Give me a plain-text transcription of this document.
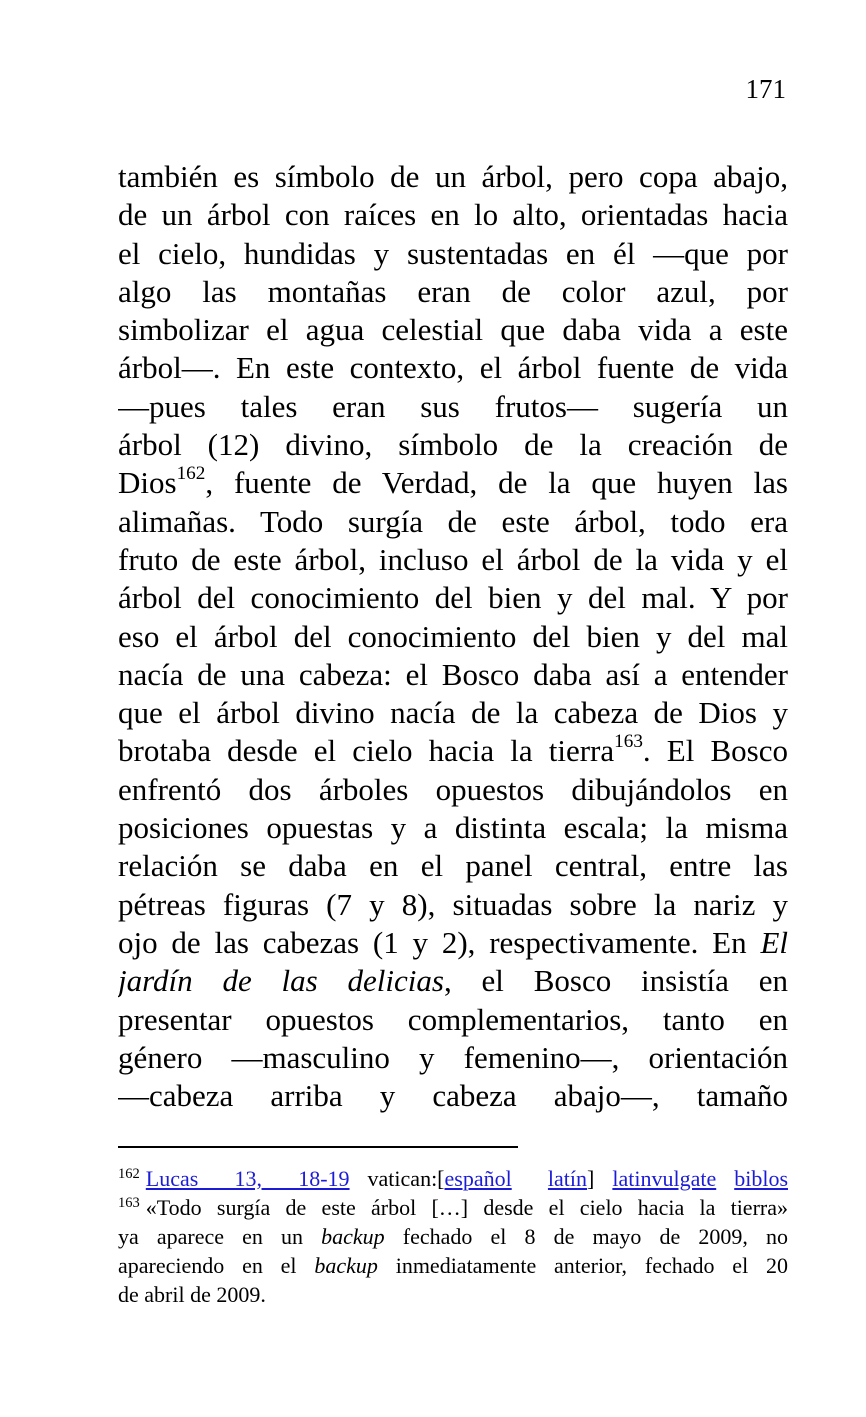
171
también es símbolo de un árbol, pero copa abajo,
de un árbol con raíces en lo alto, orientadas hacia
el cielo, hundidas y sustentadas en él —que por
algo las montañas eran de color azul, por
simbolizar el agua celestial que daba vida a este
árbol—. En este contexto, el árbol fuente de vida
—pues tales eran sus frutos— sugería un
árbol (12) divino, símbolo de la creación de
Dios$^{162}$, fuente de Verdad, de la que huyen las
alimañas. Todo surgía de este árbol, todo era
fruto de este árbol, incluso el árbol de la vida y el
árbol del conocimiento del bien y del mal. Y por
eso el árbol del conocimiento del bien y del mal
nacía de una cabeza: el Bosco daba así a entender
que el árbol divino nacía de la cabeza de Dios y
brotaba desde el cielo hacia la tierra$^{163}$. El Bosco
enfrentó dos árboles opuestos dibujándolos en
posiciones opuestas y a distinta escala; la misma
relación se daba en el panel central, entre las
pétreas figuras (7 y 8), situadas sobre la nariz y
ojo de las cabezas (1 y 2), respectivamente. En El
jardín de las delicias, el Bosco insistía en
presentar opuestos complementarios, tanto en
género —masculino y femenino—, orientación
—cabeza arriba y cabeza abajo—, tamaño
$^{162}$ Lucas 13, 18-19 vatican:[español latín] latinvulgate biblos
$^{163}$ «Todo surgía de este árbol […] desde el cielo hacia la tierra»
ya aparece en un backup fechado el 8 de mayo de 2009, no
apareciendo en el backup inmediatamente anterior, fechado el 20
de abril de 2009.
